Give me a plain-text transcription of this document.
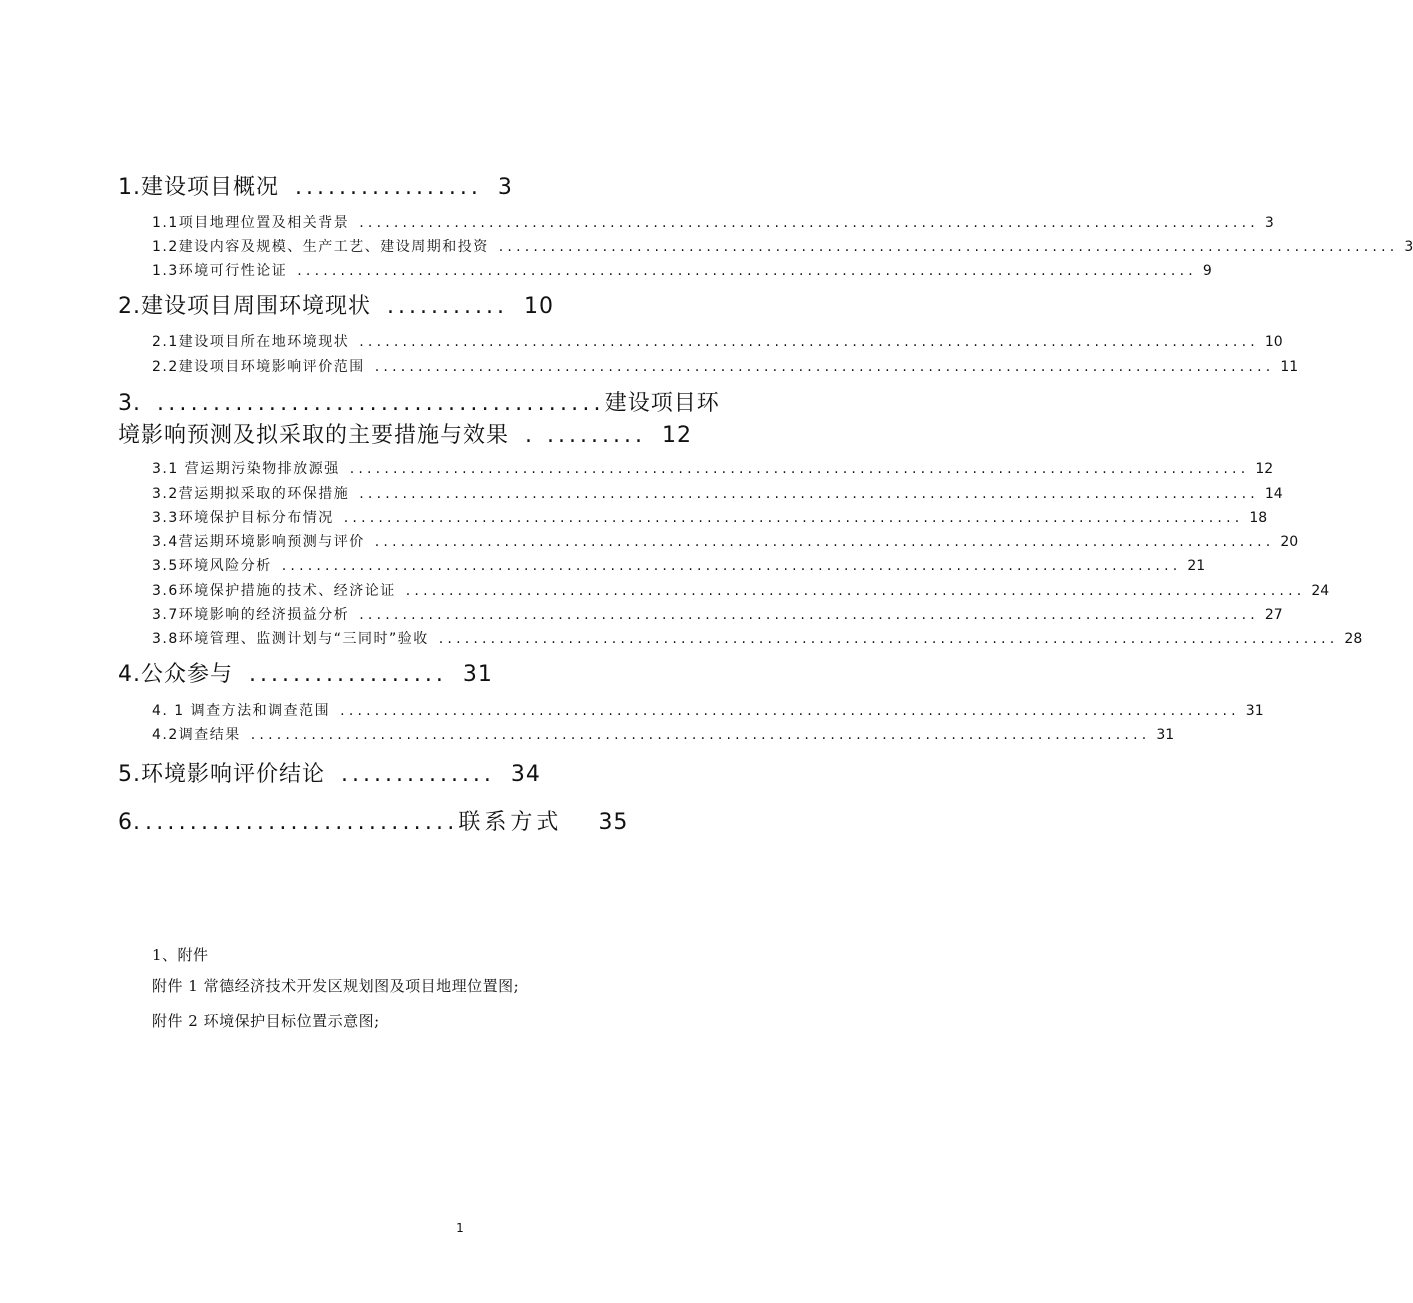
1.建设项目概况 ................. 3
1.1项目地理位置及相关背景 ........................................................................................................ 3
1.2建设内容及规模、生产工艺、建设周期和投资 ........................................................................................................ 3
1.3环境可行性论证 ........................................................................................................ 9
2.建设项目周围环境现状 ........... 10
2.1建设项目所在地环境现状 ........................................................................................................ 10
2.2建设项目环境影响评价范围 ........................................................................................................ 11
3. ........................................建设项目环
境影响预测及拟采取的主要措施与效果 . ......... 12
3.1 营运期污染物排放源强 ........................................................................................................ 12
3.2营运期拟采取的环保措施 ........................................................................................................ 14
3.3环境保护目标分布情况 ........................................................................................................ 18
3.4营运期环境影响预测与评价 ........................................................................................................ 20
3.5环境风险分析 ........................................................................................................ 21
3.6环境保护措施的技术、经济论证 ........................................................................................................ 24
3.7环境影响的经济损益分析 ........................................................................................................ 27
3.8环境管理、监测计划与“三同时”验收 ........................................................................................................ 28
4.公众参与 .................. 31
4. 1 调查方法和调查范围 ........................................................................................................ 31
4.2调查结果 ........................................................................................................ 31
5.环境影响评价结论 .............. 34
6. ............................联系方式 35
1、附件
附件 1 常德经济技术开发区规划图及项目地理位置图;
附件 2 环境保护目标位置示意图;
1
